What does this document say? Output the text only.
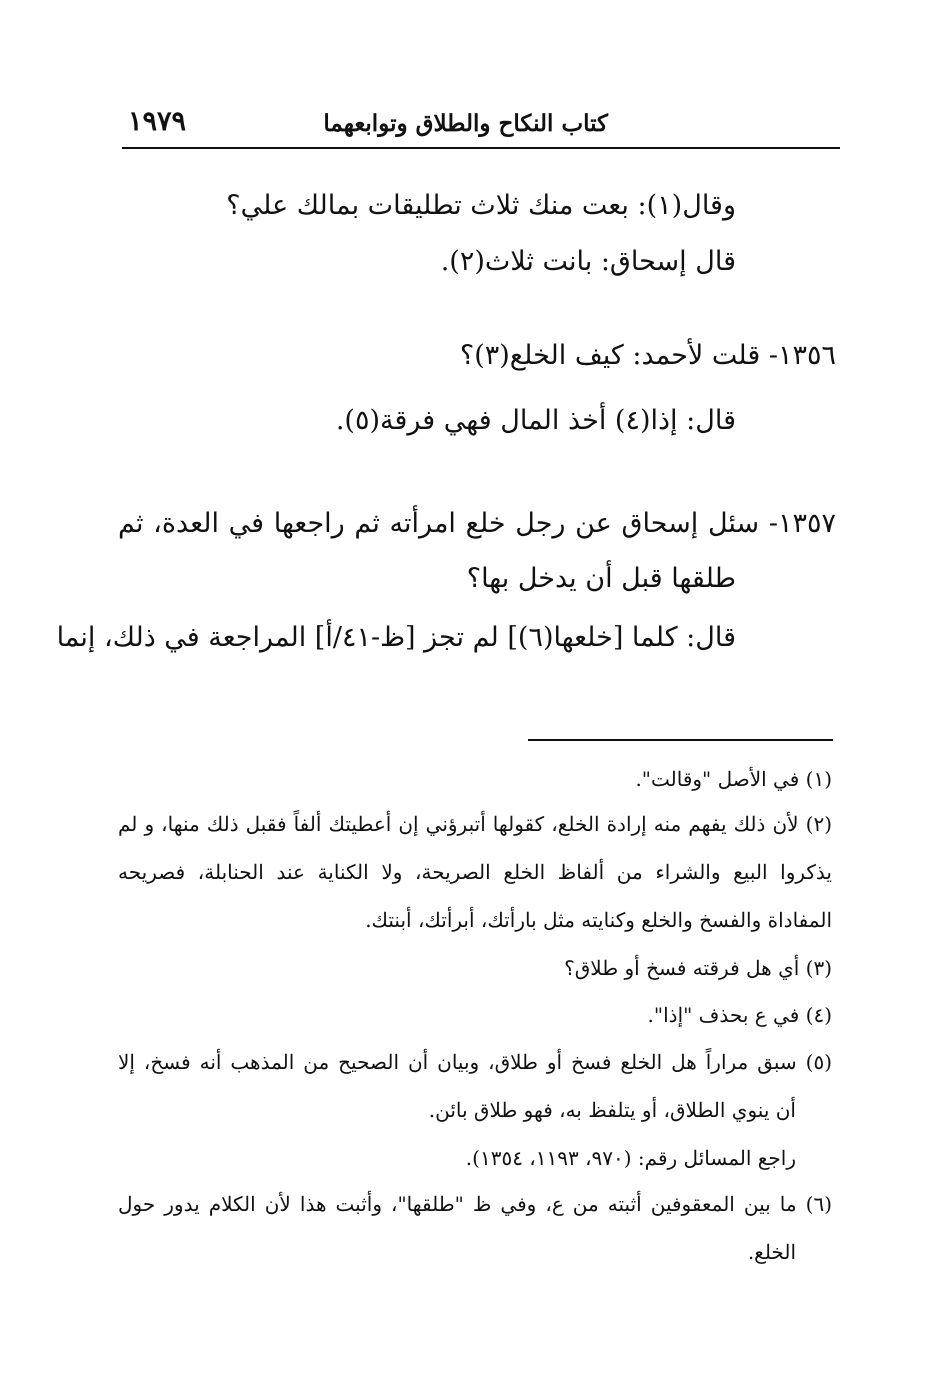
١٩٧٩	كتاب النكاح والطلاق وتوابعهما
وقال(١): بعت منك ثلاث تطليقات بمالك علي؟
قال إسحاق: بانت ثلاث(٢).
١٣٥٦- قلت لأحمد: كيف الخلع(٣)؟
قال: إذا(٤) أخذ المال فهي فرقة(٥).
١٣٥٧- سئل إسحاق عن رجل خلع امرأته ثم راجعها في العدة، ثم
طلقها قبل أن يدخل بها؟
قال: كلما [خلعها(٦)] لم تجز [ظ-٤١/أ] المراجعة في ذلك، إنما
(١) في الأصل "وقالت".
(٢) لأن ذلك يفهم منه إرادة الخلع، كقولها أتبرؤني إن أعطيتك ألفاً فقبل ذلك منها، و لم
يذكروا البيع والشراء من ألفاظ الخلع الصريحة، ولا الكناية عند الحنابلة، فصريحه
المفاداة والفسخ والخلع وكنايته مثل بارأتك، أبرأتك، أبنتك.
(٣) أي هل فرقته فسخ أو طلاق؟
(٤) في ع بحذف "إذا".
(٥) سبق مراراً هل الخلع فسخ أو طلاق، وبيان أن الصحيح من المذهب أنه فسخ، إلا
أن ينوي الطلاق، أو يتلفظ به، فهو طلاق بائن.
راجع المسائل رقم: (٩٧٠، ١١٩٣، ١٣٥٤).
(٦) ما بين المعقوفين أثبته من ع، وفي ظ "طلقها"، وأثبت هذا لأن الكلام يدور حول
الخلع.
